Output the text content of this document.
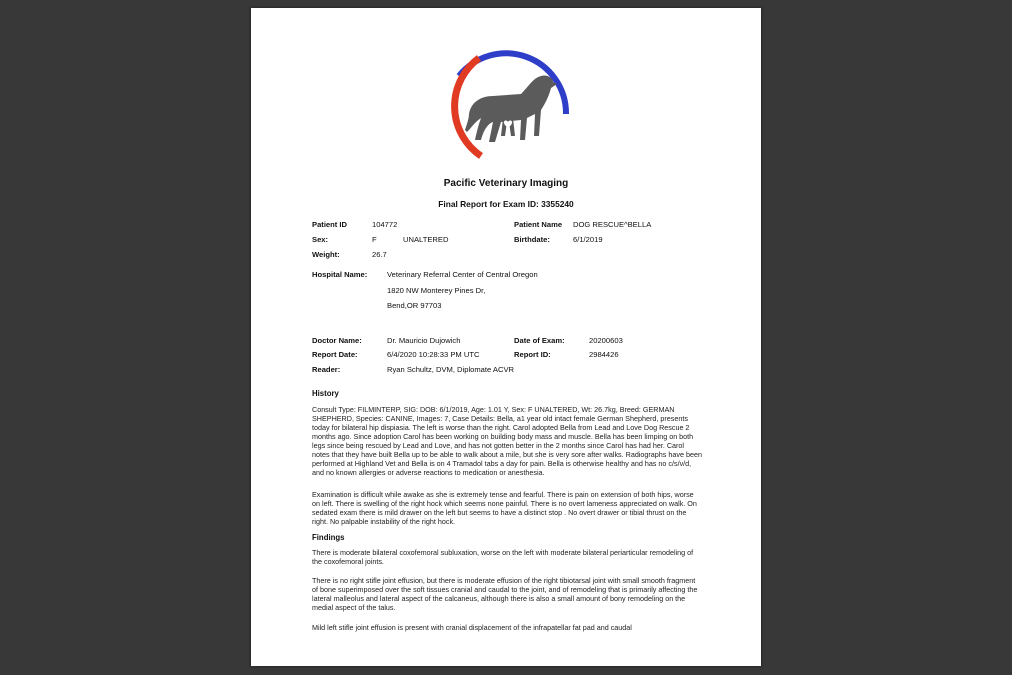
Pacific Veterinary Imaging
Final Report for Exam ID: 3355240
Patient ID	104772	Patient Name DOG RESCUE^BELLA
Sex:	F	UNALTERED	Birthdate:	6/1/2019
Weight:	26.7
Hospital Name:	Veterinary Referral Center of Central Oregon
1820 NW Monterey Pines Dr,
Bend,OR 97703
Doctor Name:	Dr. Mauricio Dujowich	Date of Exam:	20200603
Report Date:	6/4/2020 10:28:33 PM UTC	Report ID:	2984426
Reader:	Ryan Schultz, DVM, Diplomate ACVR
History
Consult Type: FILMINTERP, SIG: DOB: 6/1/2019, Age: 1.01 Y, Sex: F UNALTERED, Wt: 26.7kg, Breed: GERMAN SHEPHERD, Species: CANINE, Images: 7, Case Details: Bella, a1 year old intact female German Shepherd, presents today for bilateral hip dispiasia. The left is worse than the right. Carol adopted Bella from Lead and Love Dog Rescue 2 months ago. Since adoption Carol has been working on building body mass and muscle. Bella has been limping on both legs since being rescued by Lead and Love, and has not gotten better in the 2 months since Carol has had her. Carol notes that they have built Bella up to be able to walk about a mile, but she is very sore after walks. Radiographs have been performed at Highland Vet and Bella is on 4 Tramadol tabs a day for pain. Bella is otherwise healthy and has no c/s/v/d, and no known allergies or adverse reactions to medication or anesthesia.
Examination is difficult while awake as she is extremely tense and fearful. There is pain on extension of both hips, worse on left. There is swelling of the right hock which seems none painful. There is no overt lameness appreciated on walk. On sedated exam there is mild drawer on the left but seems to have a distinct stop . No overt drawer or tibial thrust on the right. No palpable instability of the right hock.
Findings
There is moderate bilateral coxofemoral subluxation, worse on the left with moderate bilateral periarticular remodeling of the coxofemoral joints.
There is no right stifle joint effusion, but there is moderate effusion of the right tibiotarsal joint with small smooth fragment of bone superimposed over the soft tissues cranial and caudal to the joint, and of remodeling that is primarily affecting the lateral malleolus and lateral aspect of the calcaneus, although there is also a small amount of bony remodeling on the medial aspect of the talus.
Mild left stifle joint effusion is present with cranial displacement of the infrapatellar fat pad and caudal
